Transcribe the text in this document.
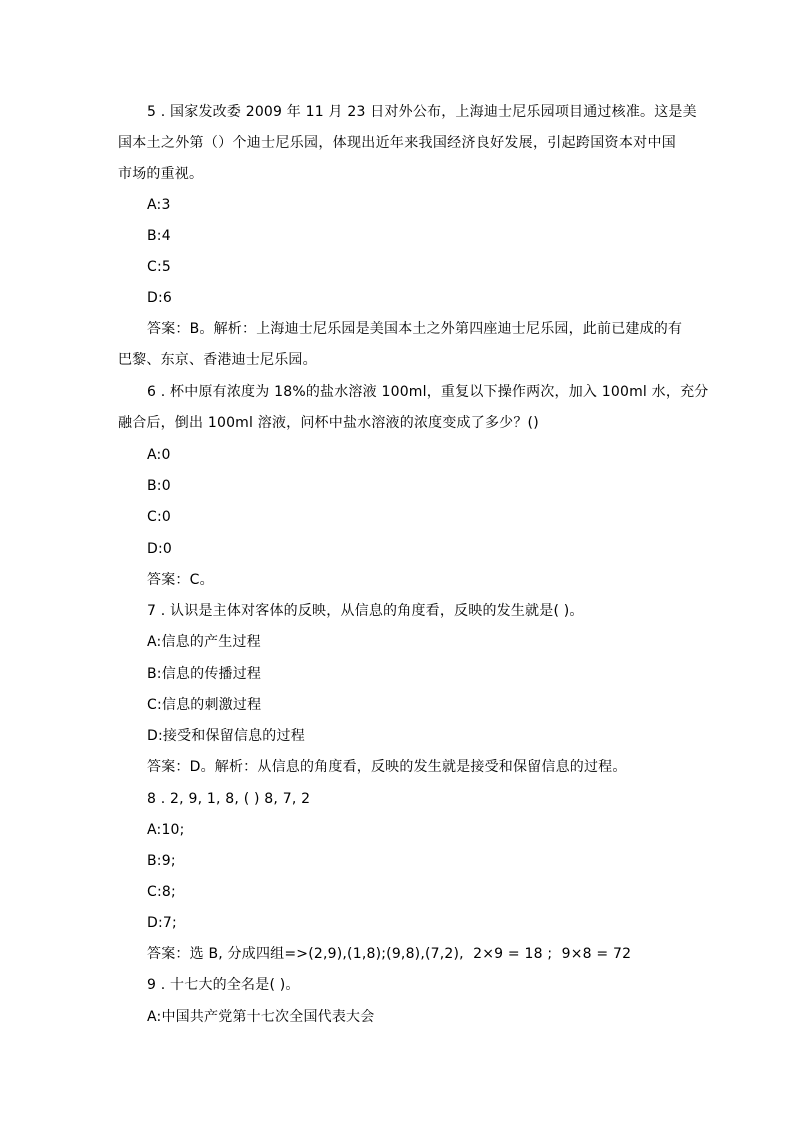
5 . 国家发改委 2009 年 11 月 23 日对外公布，上海迪士尼乐园项目通过核准。这是美
国本土之外第（）个迪士尼乐园，体现出近年来我国经济良好发展，引起跨国资本对中国
市场的重视。
A:3
B:4
C:5
D:6
答案：B。解析：上海迪士尼乐园是美国本土之外第四座迪士尼乐园，此前已建成的有
巴黎、东京、香港迪士尼乐园。
6 . 杯中原有浓度为 18%的盐水溶液 100ml，重复以下操作两次，加入 100ml 水，充分
融合后，倒出 100ml 溶液，问杯中盐水溶液的浓度变成了多少？()
A:0
B:0
C:0
D:0
答案：C。
7 . 认识是主体对客体的反映，从信息的角度看，反映的发生就是( )。
A:信息的产生过程
B:信息的传播过程
C:信息的刺激过程
D:接受和保留信息的过程
答案：D。解析：从信息的角度看，反映的发生就是接受和保留信息的过程。
8 . 2, 9, 1, 8, ( ) 8, 7, 2
A:10;
B:9;
C:8;
D:7;
答案：选 B, 分成四组=>(2,9),(1,8);(9,8),(7,2),  2×9 = 18 ;  9×8 = 72
9 . 十七大的全名是( )。
A:中国共产党第十七次全国代表大会
